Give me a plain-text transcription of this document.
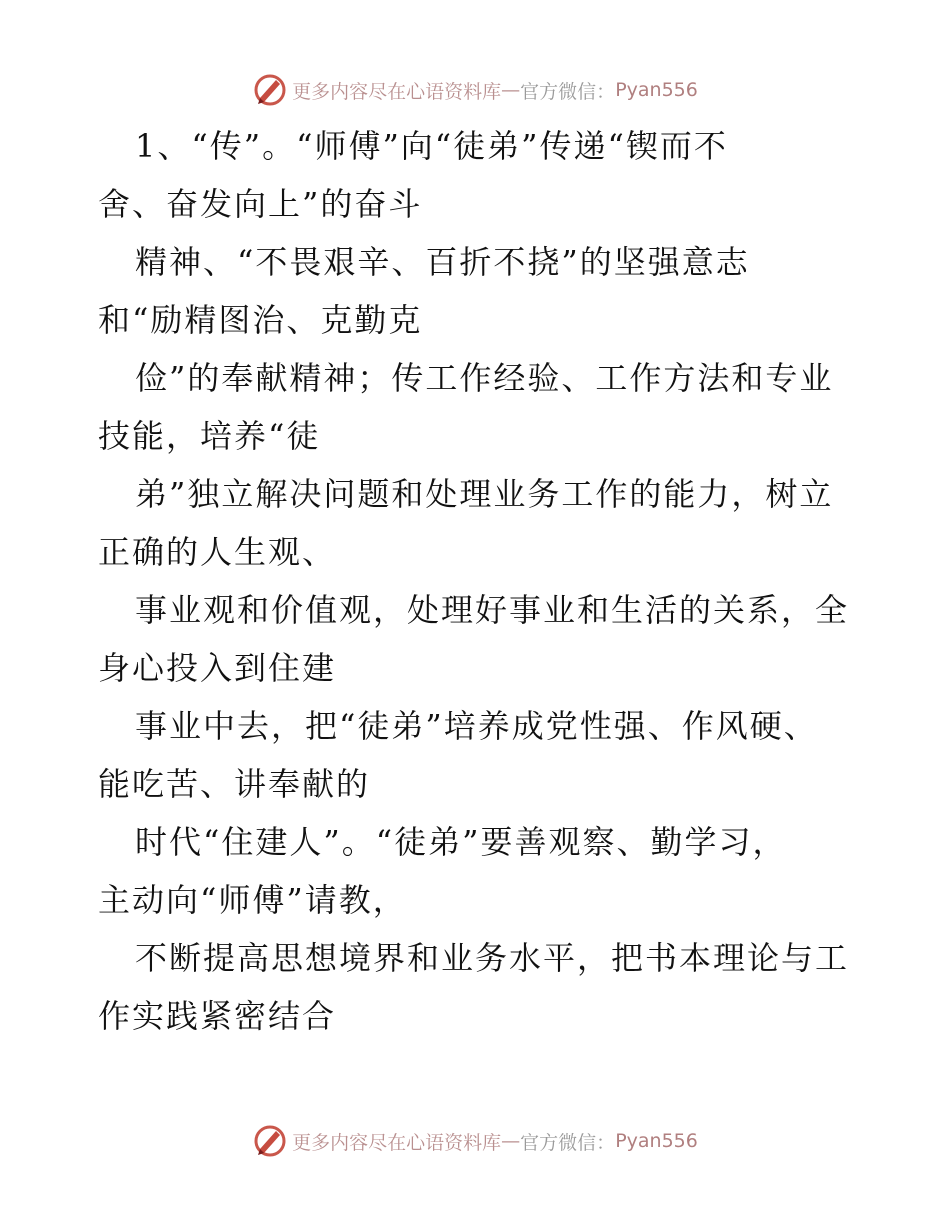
更多内容尽在心语资料库 — 官方微信： Pyan556
1、“传”。“师傅”向“徒弟”传递“锲而不
舍、奋发向上”的奋斗
精神、“不畏艰辛、百折不挠”的坚强意志
和“励精图治、克勤克
俭”的奉献精神；传工作经验、工作方法和专业
技能，培养“徒
弟”独立解决问题和处理业务工作的能力，树立
正确的人生观、
事业观和价值观，处理好事业和生活的关系，全
身心投入到住建
事业中去，把“徒弟”培养成党性强、作风硬、
能吃苦、讲奉献的
时代“住建人”。“徒弟”要善观察、勤学习，
主动向“师傅”请教，
不断提高思想境界和业务水平，把书本理论与工
作实践紧密结合
更多内容尽在心语资料库 — 官方微信： Pyan556
